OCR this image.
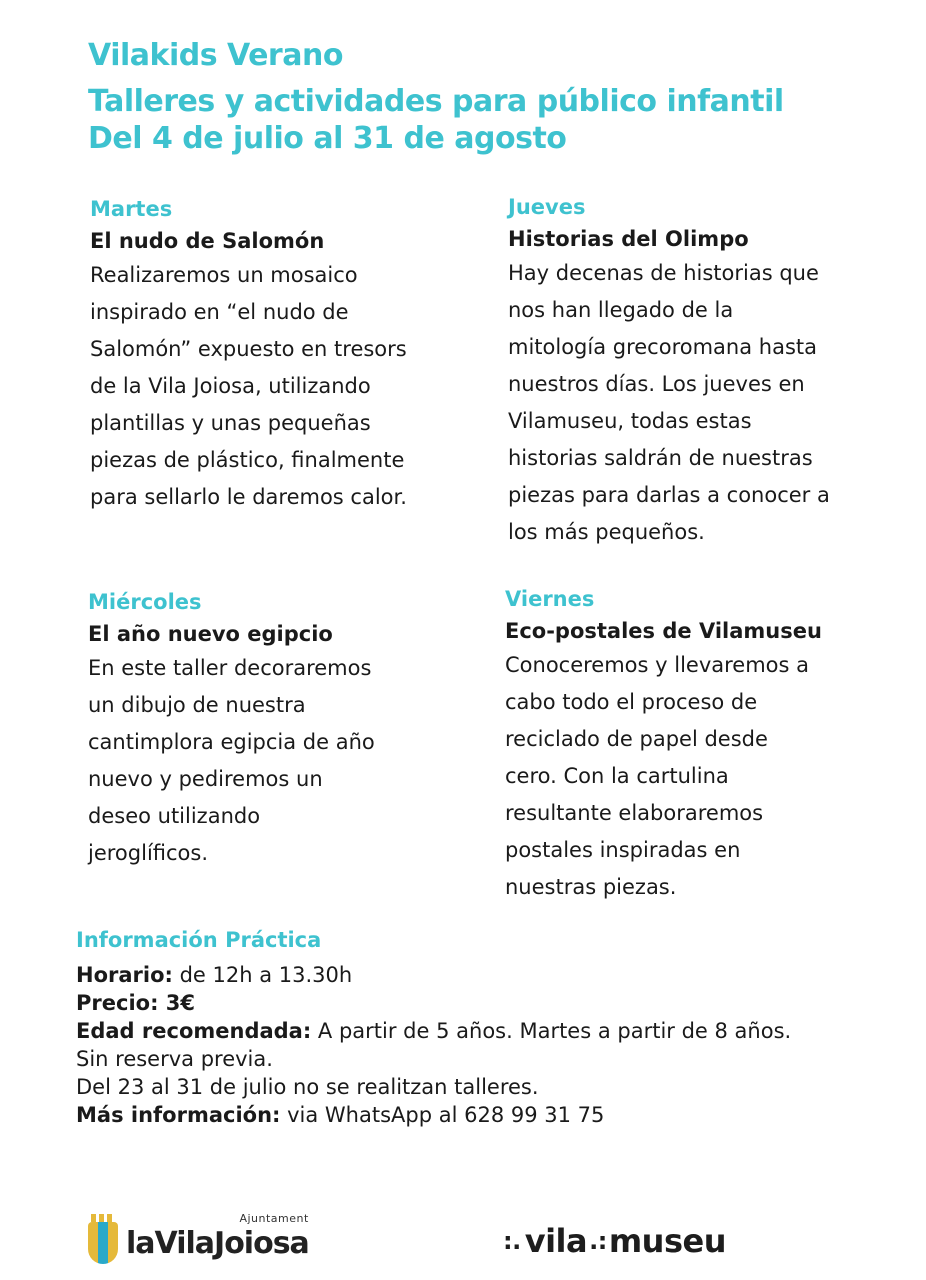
Vilakids Verano
Talleres y actividades para público infantil
Del 4 de julio al 31 de agosto
Martes
El nudo de Salomón
Realizaremos un mosaico
inspirado en “el nudo de
Salomón” expuesto en tresors
de la Vila Joiosa, utilizando
plantillas y unas pequeñas
piezas de plástico, finalmente
para sellarlo le daremos calor.
Jueves
Historias del Olimpo
Hay decenas de historias que
nos han llegado de la
mitología grecoromana hasta
nuestros días. Los jueves en
Vilamuseu, todas estas
historias saldrán de nuestras
piezas para darlas a conocer a
los más pequeños.
Miércoles
El año nuevo egipcio
En este taller decoraremos
un dibujo de nuestra
cantimplora egipcia de año
nuevo y pediremos un
deseo utilizando
jeroglíficos.
Viernes
Eco-postales de Vilamuseu
Conoceremos y llevaremos a
cabo todo el proceso de
reciclado de papel desde
cero. Con la cartulina
resultante elaboraremos
postales inspiradas en
nuestras piezas.
Información Práctica
Horario: de 12h a 13.30h
Precio: 3€
Edad recomendada: A partir de 5 años. Martes a partir de 8 años.
Sin reserva previa.
Del 23 al 31 de julio no se realitzan talleres.
Más información: via WhatsApp al 628 99 31 75
Ajuntament
laVilaJoiosa	:. vila .: museu
